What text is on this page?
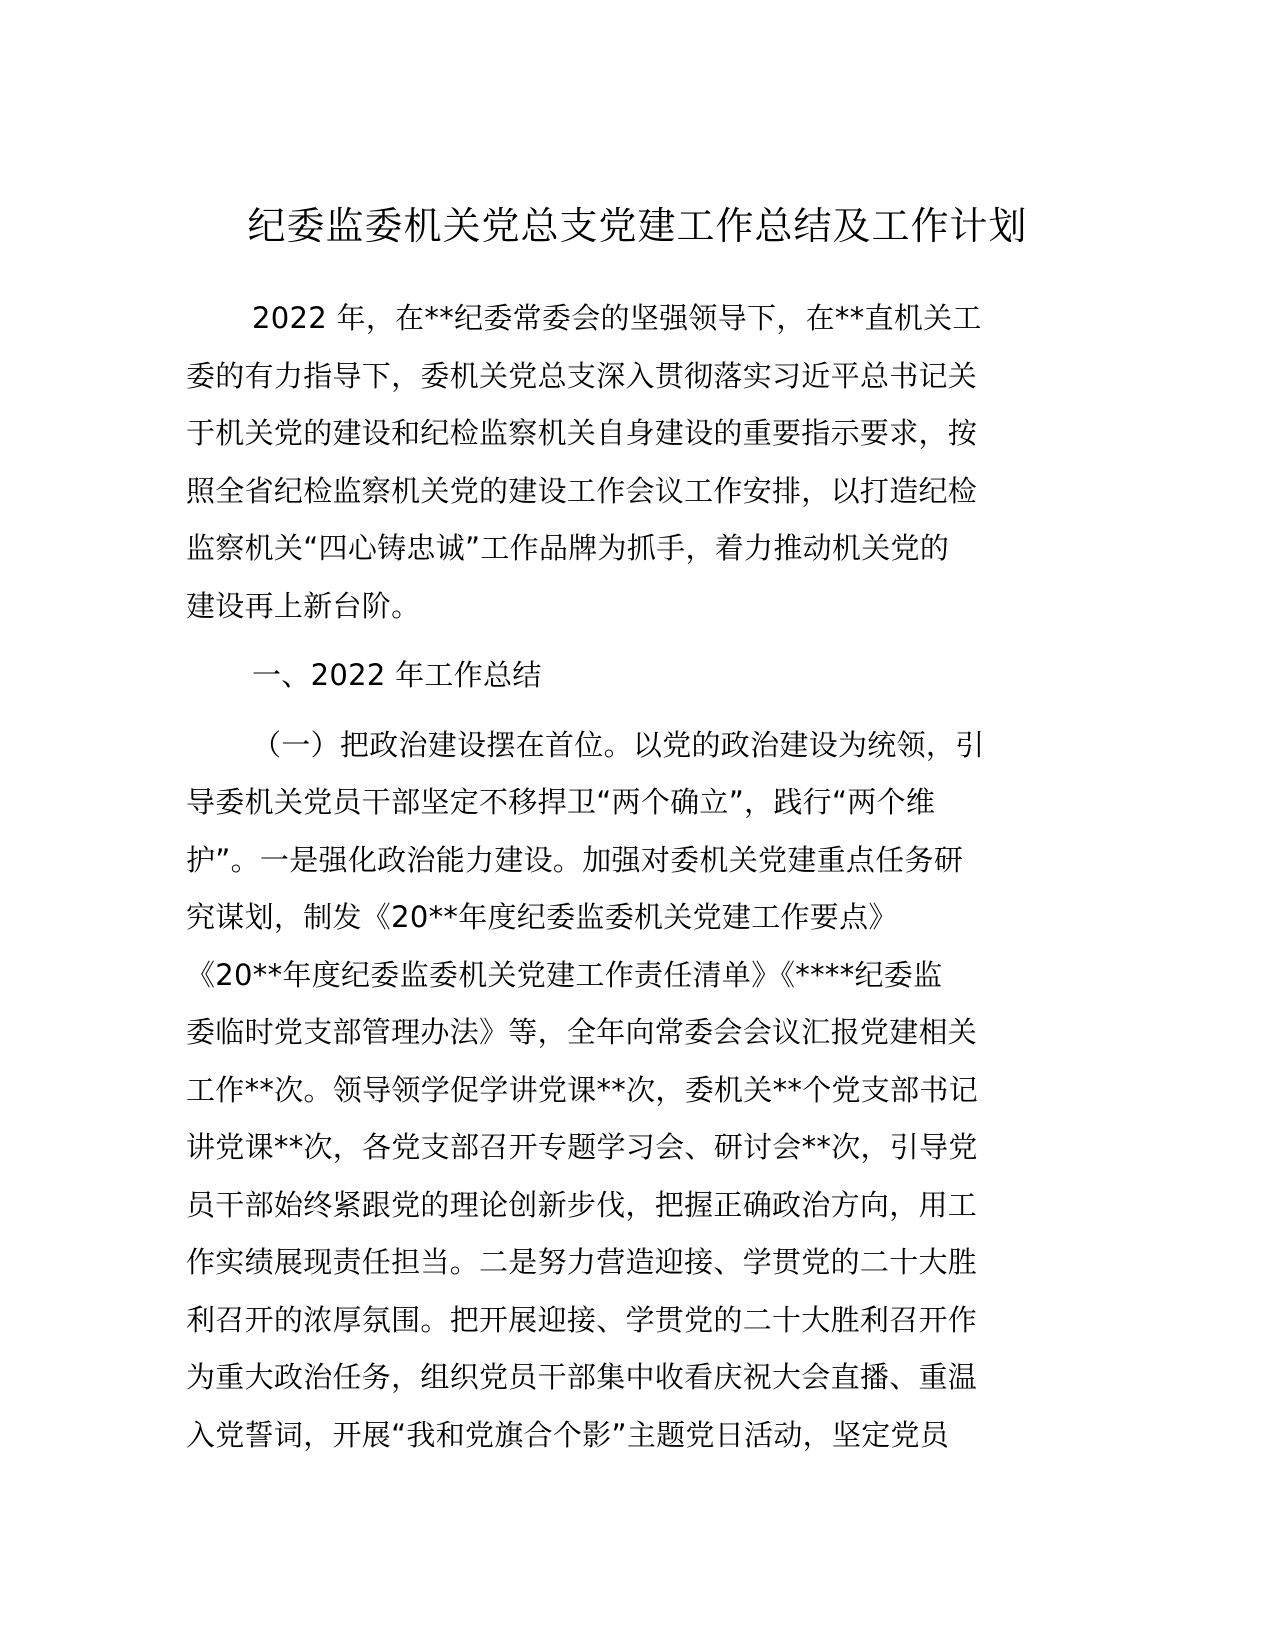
纪委监委机关党总支党建工作总结及工作计划
2022 年，在**纪委常委会的坚强领导下，在**直机关工
委的有力指导下，委机关党总支深入贯彻落实习近平总书记关
于机关党的建设和纪检监察机关自身建设的重要指示要求，按
照全省纪检监察机关党的建设工作会议工作安排，以打造纪检
监察机关“四心铸忠诚”工作品牌为抓手，着力推动机关党的
建设再上新台阶。
一、2022 年工作总结
（一）把政治建设摆在首位。以党的政治建设为统领，引
导委机关党员干部坚定不移捍卫“两个确立”，践行“两个维
护”。一是强化政治能力建设。加强对委机关党建重点任务研
究谋划，制发《20**年度纪委监委机关党建工作要点》
《20**年度纪委监委机关党建工作责任清单》《****纪委监
委临时党支部管理办法》等，全年向常委会会议汇报党建相关
工作**次。领导领学促学讲党课**次，委机关**个党支部书记
讲党课**次，各党支部召开专题学习会、研讨会**次，引导党
员干部始终紧跟党的理论创新步伐，把握正确政治方向，用工
作实绩展现责任担当。二是努力营造迎接、学贯党的二十大胜
利召开的浓厚氛围。把开展迎接、学贯党的二十大胜利召开作
为重大政治任务，组织党员干部集中收看庆祝大会直播、重温
入党誓词，开展“我和党旗合个影”主题党日活动，坚定党员
